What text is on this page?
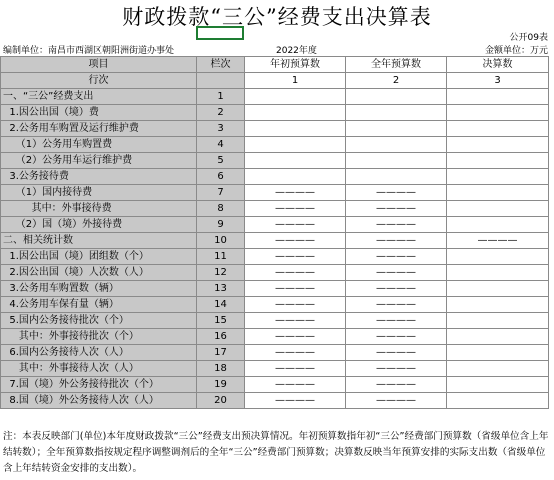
财政拨款“三公”经费支出决算表
公开09表
编制单位：南昌市西湖区朝阳洲街道办事处	2022年度	金额单位：万元
项目	栏次	年初预算数	全年预算数	决算数
行次		1	2	3
一、“三公”经费支出	1			
1.因公出国（境）费	2			
2.公务用车购置及运行维护费	3			
（1）公务用车购置费	4			
（2）公务用车运行维护费	5			
3.公务接待费	6			
（1）国内接待费	7	————	————	
其中：外事接待费	8	————	————	
（2）国（境）外接待费	9	————	————	
二、相关统计数	10	————	————	————
1.因公出国（境）团组数（个）	11	————	————	
2.因公出国（境）人次数（人）	12	————	————	
3.公务用车购置数（辆）	13	————	————	
4.公务用车保有量（辆）	14	————	————	
5.国内公务接待批次（个）	15	————	————	
其中：外事接待批次（个）	16	————	————	
6.国内公务接待人次（人）	17	————	————	
其中：外事接待人次（人）	18	————	————	
7.国（境）外公务接待批次（个）	19	————	————	
8.国（境）外公务接待人次（人）	20	————	————	
注：本表反映部门(单位)本年度财政拨款“三公”经费支出预决算情况。年初预算数指年初“三公”经费部门预算数（省级单位含上年结转数）；全年预算数指按规定程序调整调剂后的全年“三公”经费部门预算数；决算数反映当年预算安排的实际支出数（省级单位含上年结转资金安排的支出数）。
